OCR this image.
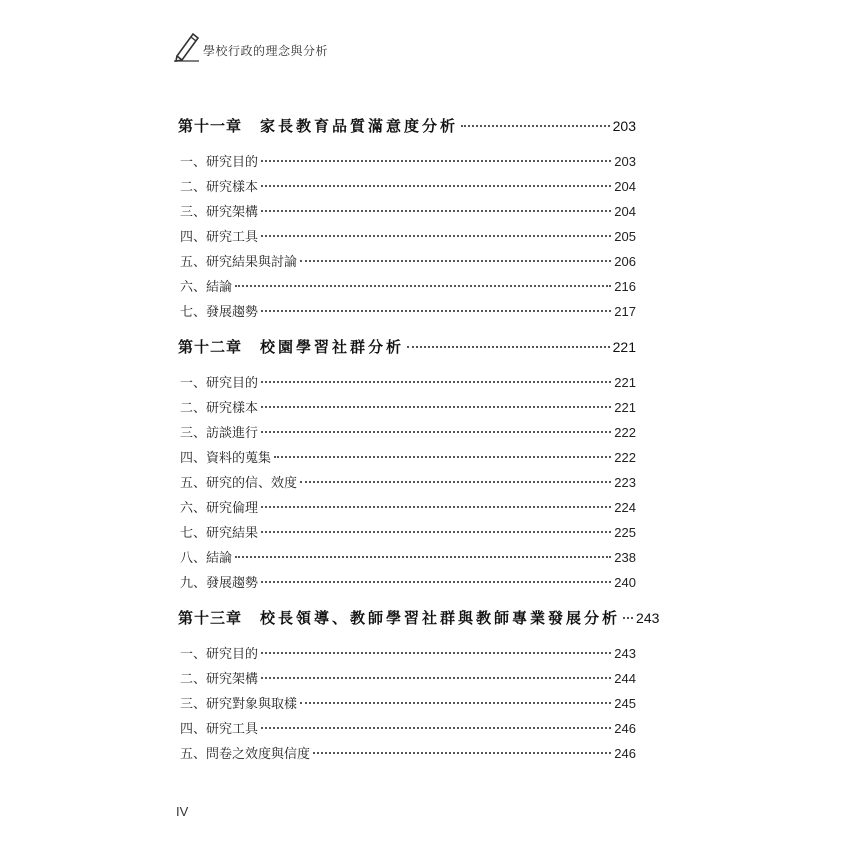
學校行政的理念與分析
第十一章 家長教育品質滿意度分析	203
一、研究目的	203
二、研究樣本	204
三、研究架構	204
四、研究工具	205
五、研究結果與討論	206
六、結論	216
七、發展趨勢	217
第十二章 校園學習社群分析	221
一、研究目的	221
二、研究樣本	221
三、訪談進行	222
四、資料的蒐集	222
五、研究的信、效度	223
六、研究倫理	224
七、研究結果	225
八、結論	238
九、發展趨勢	240
第十三章 校長領導、教師學習社群與教師專業發展分析 243
一、研究目的	243
二、研究架構	244
三、研究對象與取樣	245
四、研究工具	246
五、問卷之效度與信度	246
IV
